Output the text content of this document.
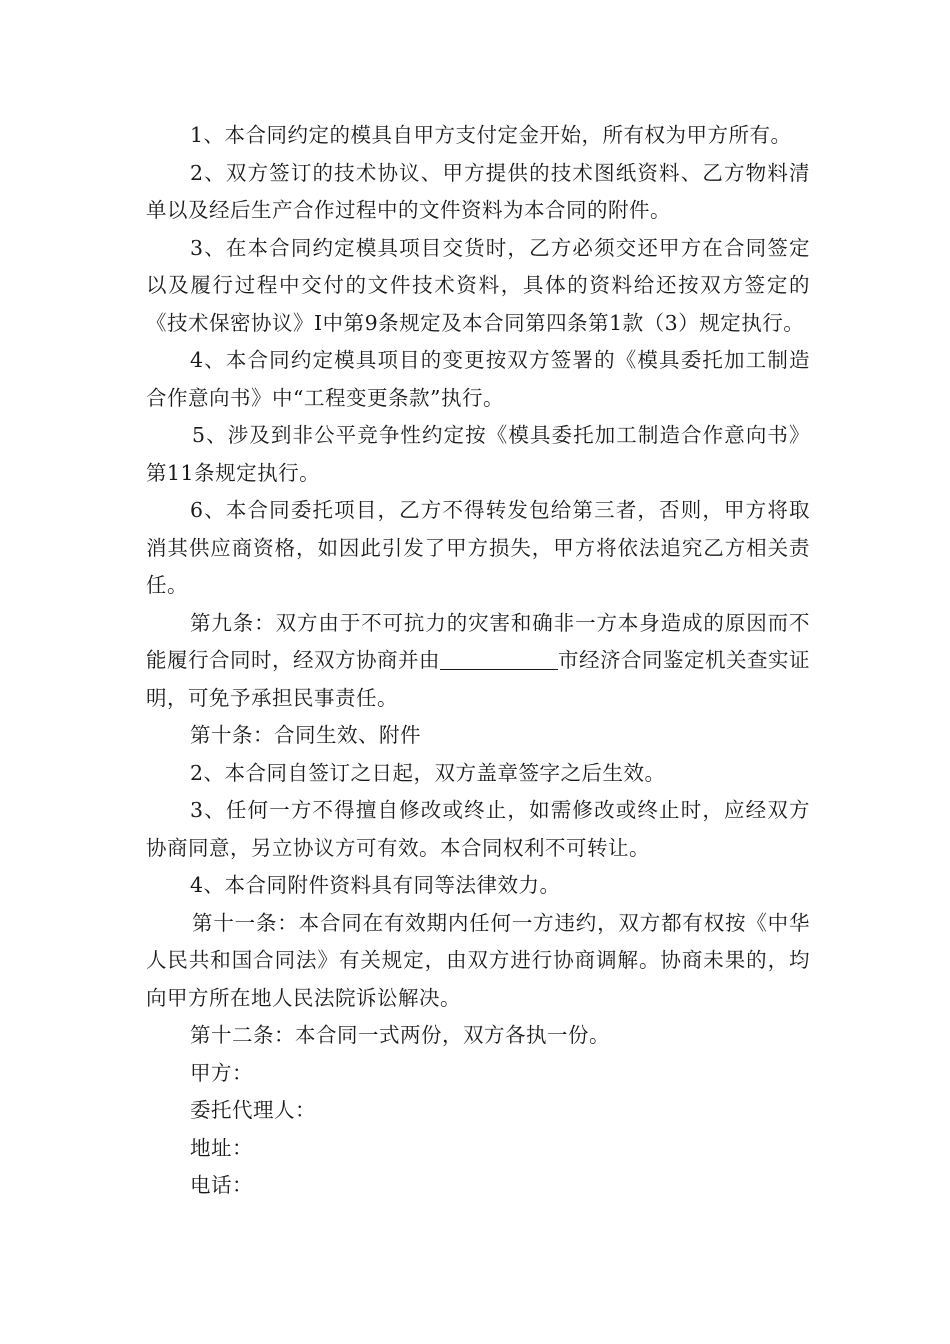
1、本合同约定的模具自甲方支付定金开始，所有权为甲方所有。

2、双方签订的技术协议、甲方提供的技术图纸资料、乙方物料清单以及经后生产合作过程中的文件资料为本合同的附件。

3、在本合同约定模具项目交货时，乙方必须交还甲方在合同签定以及履行过程中交付的文件技术资料，具体的资料给还按双方签定的《技术保密协议》I中第9条规定及本合同第四条第1款（3）规定执行。

4、本合同约定模具项目的变更按双方签署的《模具委托加工制造合作意向书》中“工程变更条款”执行。

5、涉及到非公平竞争性约定按《模具委托加工制造合作意向书》第11条规定执行。

6、本合同委托项目，乙方不得转发包给第三者，否则，甲方将取消其供应商资格，如因此引发了甲方损失，甲方将依法追究乙方相关责任。

第九条：双方由于不可抗力的灾害和确非一方本身造成的原因而不能履行合同时，经双方协商并由	市经济合同鉴定机关查实证明，可免予承担民事责任。

第十条：合同生效、附件

2、本合同自签订之日起，双方盖章签字之后生效。

3、任何一方不得擅自修改或终止，如需修改或终止时，应经双方协商同意，另立协议方可有效。本合同权利不可转让。

4、本合同附件资料具有同等法律效力。

第十一条：本合同在有效期内任何一方违约，双方都有权按《中华人民共和国合同法》有关规定，由双方进行协商调解。协商未果的，均向甲方所在地人民法院诉讼解决。

第十二条：本合同一式两份，双方各执一份。

甲方：

委托代理人：

地址：

电话：
